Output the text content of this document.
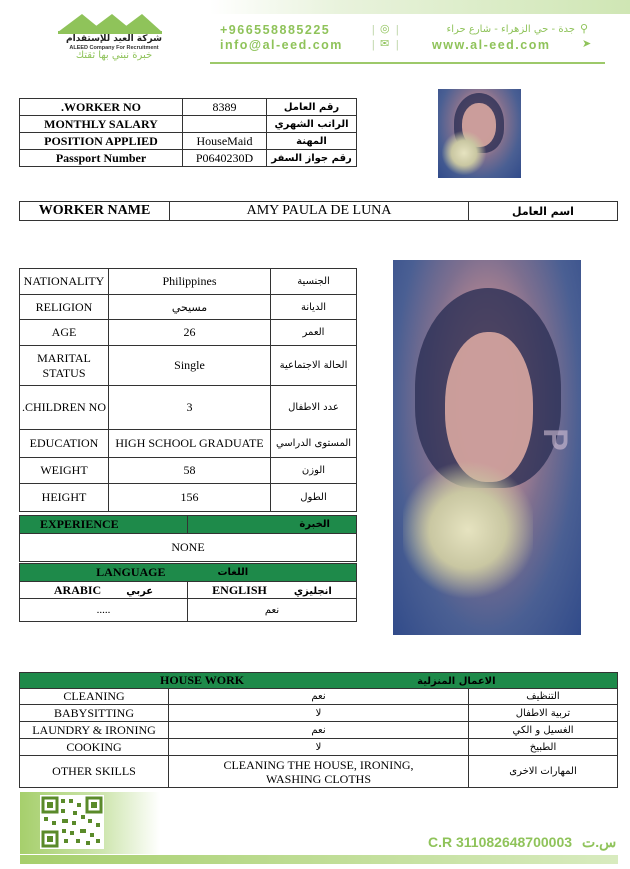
شركة العيد للإستقدام
ALEED Company For Recruitment
خبرة نبني بها ثقتك
+966558885225	| ◎ |	جدة - حي الزهراء - شارع حراء ⚲
info@al-eed.com | ✉ |	www.al-eed.com	➤
.WORKER NO	8389	رقم العامل
MONTHLY SALARY		الراتب الشهري
POSITION APPLIED	HouseMaid	المهنة
Passport Number	P0640230D	رقم جواز السفر
WORKER NAME	AMY PAULA DE LUNA	اسم العامل
NATIONALITY	Philippines	الجنسية
RELIGION	مسيحي	الديانة
AGE	26	العمر
MARITAL STATUS	Single	الحالة الاجتماعية
.CHILDREN NO	3	عدد الاطفال
EDUCATION	HIGH SCHOOL GRADUATE	المستوى الدراسي
WEIGHT	58	الوزن
HEIGHT	156	الطول
EXPERIENCE	الخبرة
NONE
LANGUAGE	اللغات
ARABIC عربي	ENGLISH انجليزي
.....	نعم
P
HOUSE WORK الاعمال المنزلية		
CLEANING	نعم	التنظيف
BABYSITTING	لا	تربية الاطفال
LAUNDRY & IRONING	نعم	الغسيل و الكي
COOKING	لا	الطبيخ
OTHER SKILLS	CLEANING THE HOUSE, IRONING, WASHING CLOTHS	المهارات الاخرى
C.R 311082648700003 س.ت
